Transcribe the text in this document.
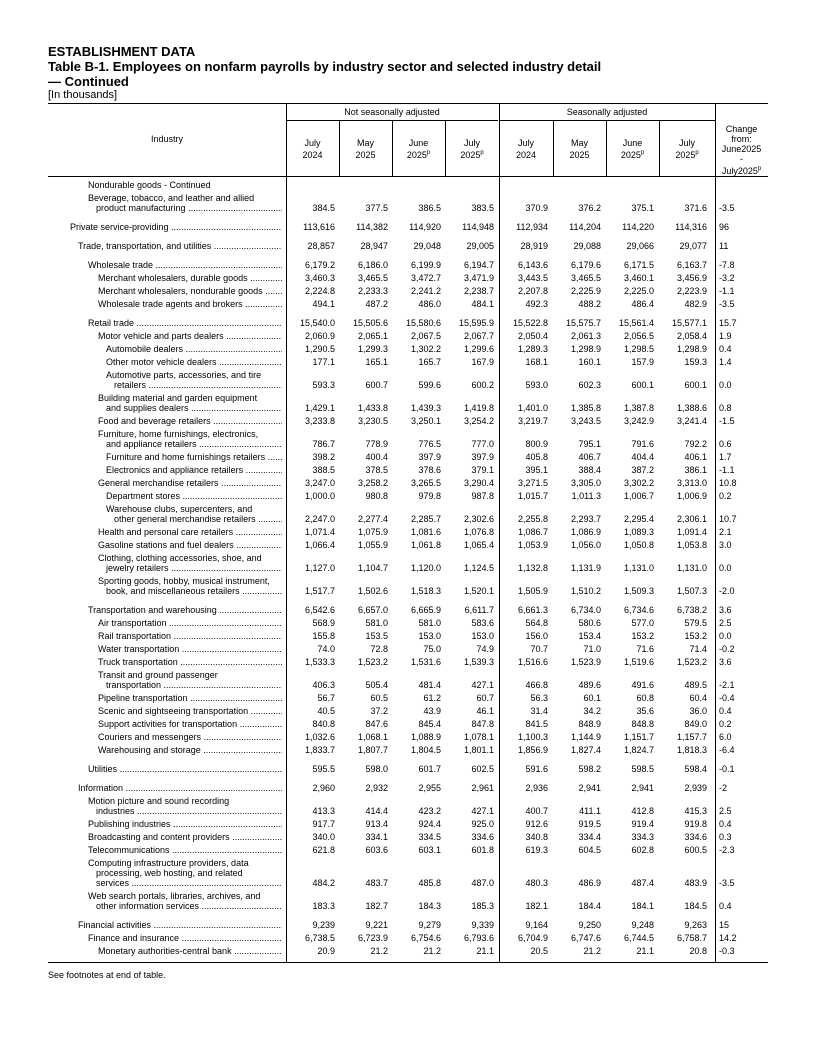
ESTABLISHMENT DATA
Table B-1. Employees on nonfarm payrolls by industry sector and selected industry detail
— Continued
[In thousands]
Industry
Not seasonally adjusted	Seasonally adjusted
July
2024
May
2025
June
2025$^p$
July
2025$^p$
July
2024
May
2025
June
2025$^p$
July
2025$^p$
Change
from:
June2025
-
July2025$^p$
Nondurable goods - Continued
Beverage, tobacco, and leather and allied
product manufacturing .....	384.5	377.5	386.5	383.5	370.9	376.2	375.1	371.6	-3.5
Private service-providing .....	113,616	114,382	114,920	114,948	112,934	114,204	114,220	114,316	96
Trade, transportation, and utilities .....	28,857	28,947	29,048	29,005	28,919	29,088	29,066	29,077	11
Wholesale trade .....	6,179.2	6,186.0	6,199.9	6,194.7	6,143.6	6,179.6	6,171.5	6,163.7	-7.8
Merchant wholesalers, durable goods .....	3,460.3	3,465.5	3,472.7	3,471.9	3,443.5	3,465.5	3,460.1	3,456.9	-3.2
Merchant wholesalers, nondurable goods .....	2,224.8	2,233.3	2,241.2	2,238.7	2,207.8	2,225.9	2,225.0	2,223.9	-1.1
Wholesale trade agents and brokers .....	494.1	487.2	486.0	484.1	492.3	488.2	486.4	482.9	-3.5
Retail trade .....	15,540.0	15,505.6	15,580.6	15,595.9	15,522.8	15,575.7	15,561.4	15,577.1	15.7
Motor vehicle and parts dealers .....	2,060.9	2,065.1	2,067.5	2,067.7	2,050.4	2,061.3	2,056.5	2,058.4	1.9
Automobile dealers .....	1,290.5	1,299.3	1,302.2	1,299.6	1,289.3	1,298.9	1,298.5	1,298.9	0.4
Other motor vehicle dealers .....	177.1	165.1	165.7	167.9	168.1	160.1	157.9	159.3	1.4
Automotive parts, accessories, and tire
retailers .....	593.3	600.7	599.6	600.2	593.0	602.3	600.1	600.1	0.0
Building material and garden equipment
and supplies dealers .....	1,429.1	1,433.8	1,439.3	1,419.8	1,401.0	1,385.8	1,387.8	1,388.6	0.8
Food and beverage retailers .....	3,233.8	3,230.5	3,250.1	3,254.2	3,219.7	3,243.5	3,242.9	3,241.4	-1.5
Furniture, home furnishings, electronics,
and appliance retailers .....	786.7	778.9	776.5	777.0	800.9	795.1	791.6	792.2	0.6
Furniture and home furnishings retailers .....	398.2	400.4	397.9	397.9	405.8	406.7	404.4	406.1	1.7
Electronics and appliance retailers .....	388.5	378.5	378.6	379.1	395.1	388.4	387.2	386.1	-1.1
General merchandise retailers .....	3,247.0	3,258.2	3,265.5	3,290.4	3,271.5	3,305.0	3,302.2	3,313.0	10.8
Department stores .....	1,000.0	980.8	979.8	987.8	1,015.7	1,011.3	1,006.7	1,006.9	0.2
Warehouse clubs, supercenters, and
other general merchandise retailers .....	2,247.0	2,277.4	2,285.7	2,302.6	2,255.8	2,293.7	2,295.4	2,306.1	10.7
Health and personal care retailers .....	1,071.4	1,075.9	1,081.6	1,076.8	1,086.7	1,086.9	1,089.3	1,091.4	2.1
Gasoline stations and fuel dealers .....	1,066.4	1,055.9	1,061.8	1,065.4	1,053.9	1,056.0	1,050.8	1,053.8	3.0
Clothing, clothing accessories, shoe, and
jewelry retailers .....	1,127.0	1,104.7	1,120.0	1,124.5	1,132.8	1,131.9	1,131.0	1,131.0	0.0
Sporting goods, hobby, musical instrument,
book, and miscellaneous retailers .....	1,517.7	1,502.6	1,518.3	1,520.1	1,505.9	1,510.2	1,509.3	1,507.3	-2.0
Transportation and warehousing .....	6,542.6	6,657.0	6,665.9	6,611.7	6,661.3	6,734.0	6,734.6	6,738.2	3.6
Air transportation .....	568.9	581.0	581.0	583.6	564.8	580.6	577.0	579.5	2.5
Rail transportation .....	155.8	153.5	153.0	153.0	156.0	153.4	153.2	153.2	0.0
Water transportation .....	74.0	72.8	75.0	74.9	70.7	71.0	71.6	71.4	-0.2
Truck transportation .....	1,533.3	1,523.2	1,531.6	1,539.3	1,516.6	1,523.9	1,519.6	1,523.2	3.6
Transit and ground passenger
transportation .....	406.3	505.4	481.4	427.1	466.8	489.6	491.6	489.5	-2.1
Pipeline transportation .....	56.7	60.5	61.2	60.7	56.3	60.1	60.8	60.4	-0.4
Scenic and sightseeing transportation .....	40.5	37.2	43.9	46.1	31.4	34.2	35.6	36.0	0.4
Support activities for transportation .....	840.8	847.6	845.4	847.8	841.5	848.9	848.8	849.0	0.2
Couriers and messengers .....	1,032.6	1,068.1	1,088.9	1,078.1	1,100.3	1,144.9	1,151.7	1,157.7	6.0
Warehousing and storage .....	1,833.7	1,807.7	1,804.5	1,801.1	1,856.9	1,827.4	1,824.7	1,818.3	-6.4
Utilities .....	595.5	598.0	601.7	602.5	591.6	598.2	598.5	598.4	-0.1
Information .....	2,960	2,932	2,955	2,961	2,936	2,941	2,941	2,939	-2
Motion picture and sound recording
industries .....	413.3	414.4	423.2	427.1	400.7	411.1	412.8	415.3	2.5
Publishing industries .....	917.7	913.4	924.4	925.0	912.6	919.5	919.4	919.8	0.4
Broadcasting and content providers .....	340.0	334.1	334.5	334.6	340.8	334.4	334.3	334.6	0.3
Telecommunications .....	621.8	603.6	603.1	601.8	619.3	604.5	602.8	600.5	-2.3
Computing infrastructure providers, data
processing, web hosting, and related
services .....	484.2	483.7	485.8	487.0	480.3	486.9	487.4	483.9	-3.5
Web search portals, libraries, archives, and
other information services .....	183.3	182.7	184.3	185.3	182.1	184.4	184.1	184.5	0.4
Financial activities .....	9,239	9,221	9,279	9,339	9,164	9,250	9,248	9,263	15
Finance and insurance .....	6,738.5	6,723.9	6,754.6	6,793.6	6,704.9	6,747.6	6,744.5	6,758.7	14.2
Monetary authorities-central bank .....	20.9	21.2	21.2	21.1	20.5	21.2	21.1	20.8	-0.3
See footnotes at end of table.
